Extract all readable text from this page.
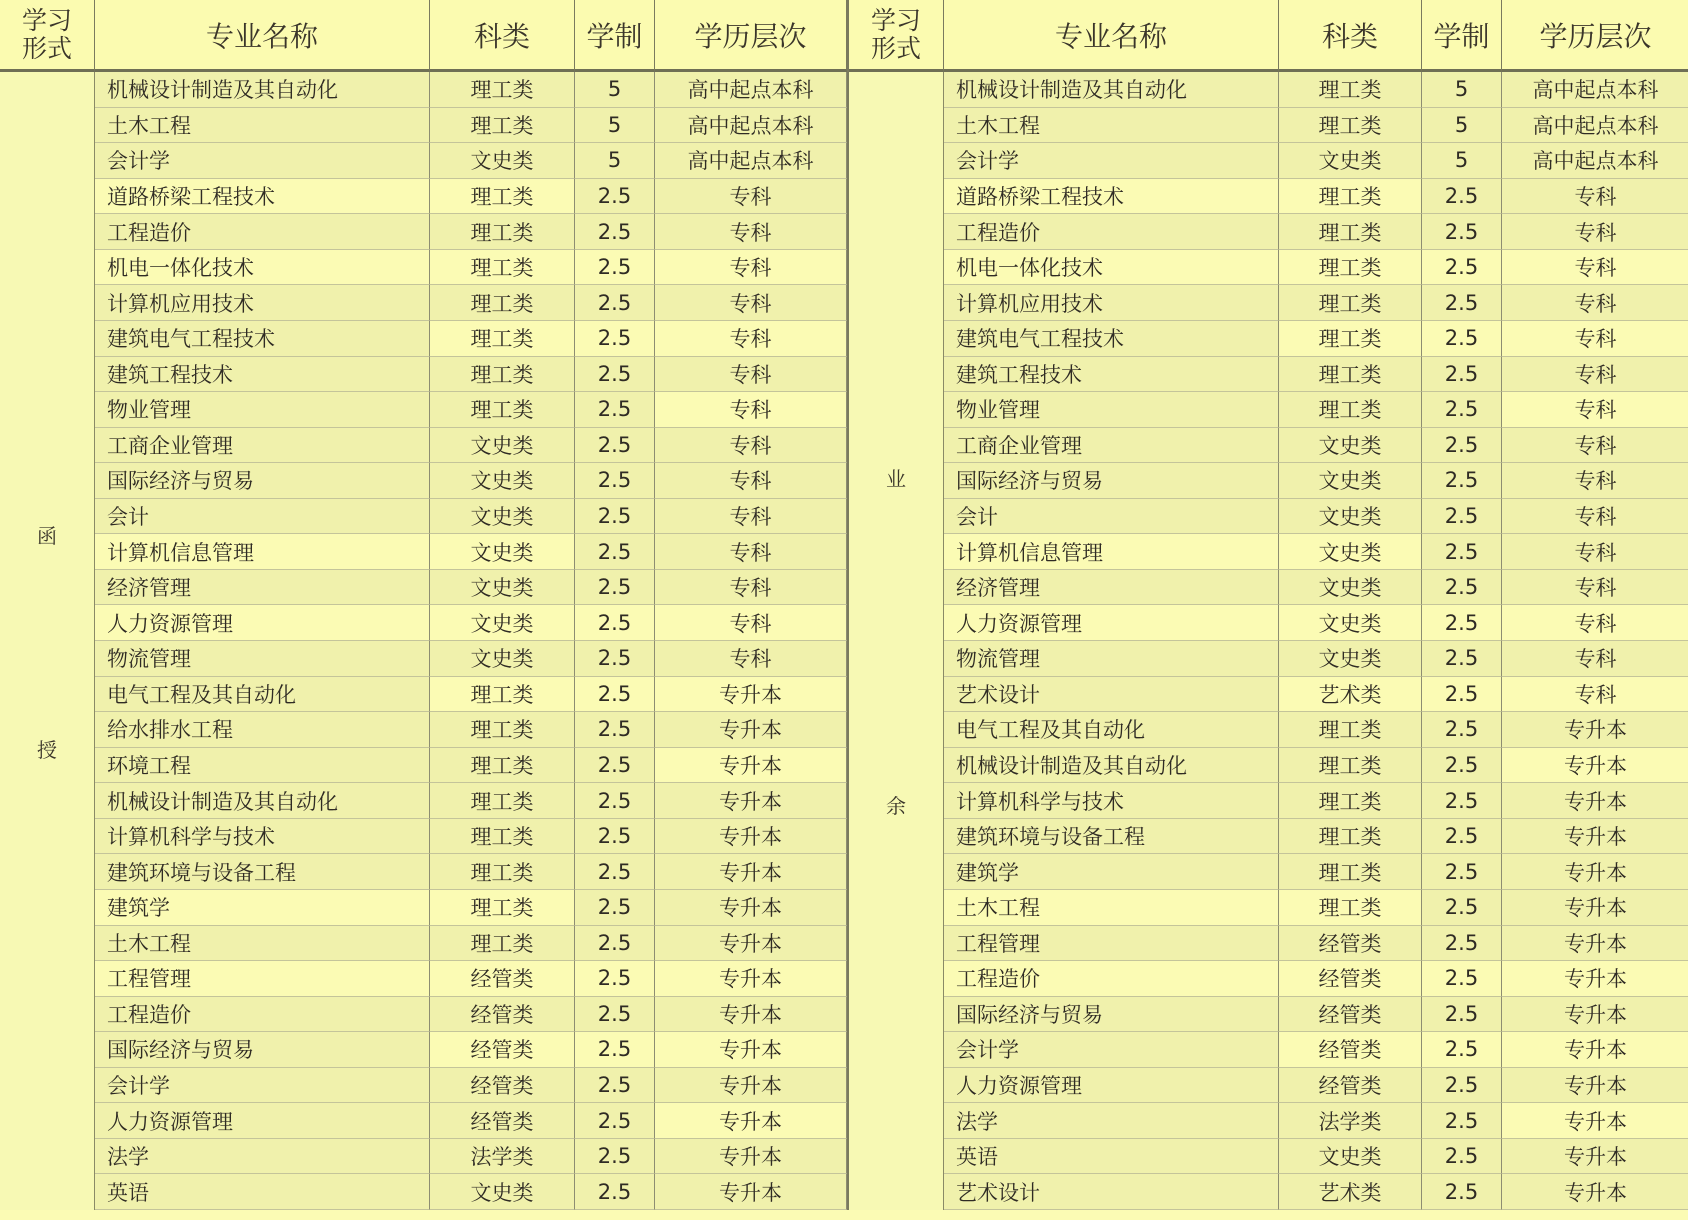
学习
形式	专业名称	科类	学制	学历层次
函
授
机械设计制造及其自动化	理工类	5	高中起点本科
土木工程	理工类	5	高中起点本科
会计学	文史类	5	高中起点本科
道路桥梁工程技术	理工类	2.5	专科
工程造价	理工类	2.5	专科
机电一体化技术	理工类	2.5	专科
计算机应用技术	理工类	2.5	专科
建筑电气工程技术	理工类	2.5	专科
建筑工程技术	理工类	2.5	专科
物业管理	理工类	2.5	专科
工商企业管理	文史类	2.5	专科
国际经济与贸易	文史类	2.5	专科
会计	文史类	2.5	专科
计算机信息管理	文史类	2.5	专科
经济管理	文史类	2.5	专科
人力资源管理	文史类	2.5	专科
物流管理	文史类	2.5	专科
电气工程及其自动化	理工类	2.5	专升本
给水排水工程	理工类	2.5	专升本
环境工程	理工类	2.5	专升本
机械设计制造及其自动化	理工类	2.5	专升本
计算机科学与技术	理工类	2.5	专升本
建筑环境与设备工程	理工类	2.5	专升本
建筑学	理工类	2.5	专升本
土木工程	理工类	2.5	专升本
工程管理	经管类	2.5	专升本
工程造价	经管类	2.5	专升本
国际经济与贸易	经管类	2.5	专升本
会计学	经管类	2.5	专升本
人力资源管理	经管类	2.5	专升本
法学	法学类	2.5	专升本
英语	文史类	2.5	专升本
学习
形式	专业名称	科类	学制	学历层次
业
余
机械设计制造及其自动化	理工类	5	高中起点本科
土木工程	理工类	5	高中起点本科
会计学	文史类	5	高中起点本科
道路桥梁工程技术	理工类	2.5	专科
工程造价	理工类	2.5	专科
机电一体化技术	理工类	2.5	专科
计算机应用技术	理工类	2.5	专科
建筑电气工程技术	理工类	2.5	专科
建筑工程技术	理工类	2.5	专科
物业管理	理工类	2.5	专科
工商企业管理	文史类	2.5	专科
国际经济与贸易	文史类	2.5	专科
会计	文史类	2.5	专科
计算机信息管理	文史类	2.5	专科
经济管理	文史类	2.5	专科
人力资源管理	文史类	2.5	专科
物流管理	文史类	2.5	专科
艺术设计	艺术类	2.5	专科
电气工程及其自动化	理工类	2.5	专升本
机械设计制造及其自动化	理工类	2.5	专升本
计算机科学与技术	理工类	2.5	专升本
建筑环境与设备工程	理工类	2.5	专升本
建筑学	理工类	2.5	专升本
土木工程	理工类	2.5	专升本
工程管理	经管类	2.5	专升本
工程造价	经管类	2.5	专升本
国际经济与贸易	经管类	2.5	专升本
会计学	经管类	2.5	专升本
人力资源管理	经管类	2.5	专升本
法学	法学类	2.5	专升本
英语	文史类	2.5	专升本
艺术设计	艺术类	2.5	专升本
